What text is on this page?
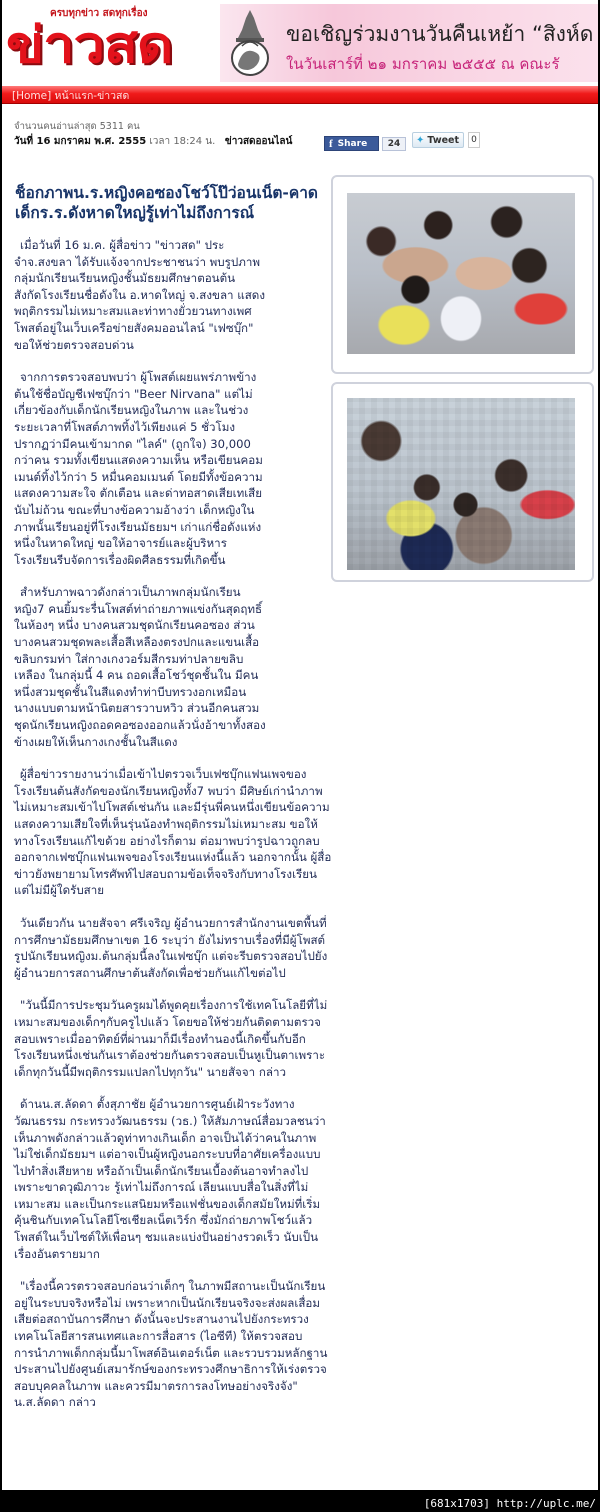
ครบทุกข่าว สดทุกเรื่อง
ข่าวสด	ขอเชิญร่วมงานวันคืนเหย้า “สิงห์ด
ในวันเสาร์ที่ ๒๑ มกราคม ๒๕๕๕ ณ คณะรั
[Home] หน้าแรก-ข่าวสด
จำนวนคนอ่านล่าสุด 5311 คน
วันที่ 16 มกราคม พ.ศ. 2555 เวลา 18:24 น. ข่าวสดออนไลน์	f Share	24	✦ Tweet	0
ช็อกภาพน.ร.หญิงคอซองโชว์โป๊ว่อนเน็ต-คาดเด็กร.ร.ดังหาดใหญ่รู้เท่าไม่ถึงการณ์

เมื่อวันที่ 16 ม.ค. ผู้สื่อข่าว "ข่าวสด" ประจำจ.สงขลา ได้รับแจ้งจากประชาชนว่า พบรูปภาพกลุ่มนักเรียนเรียนหญิงชั้นมัธยมศึกษาตอนต้น สังกัดโรงเรียนชื่อดังใน อ.หาดใหญ่ จ.สงขลา แสดงพฤติกรรมไม่เหมาะสมและท่าทางยั่วยวนทางเพศ โพสต์อยู่ในเว็บเครือข่ายสังคมออนไลน์ "เฟซบุ๊ก" ขอให้ช่วยตรวจสอบด่วน

จากการตรวจสอบพบว่า ผู้โพสต์เผยแพร่ภาพข้างต้นใช้ชื่อบัญชีเฟซบุ๊กว่า "Beer Nirvana" แต่ไม่เกี่ยวข้องกับเด็กนักเรียนหญิงในภาพ และในช่วงระยะเวลาที่โพสต์ภาพทิ้งไว้เพียงแค่ 5 ชั่วโมง ปรากฏว่ามีคนเข้ามากด "ไลค์" (ถูกใจ) 30,000 กว่าคน รวมทั้งเขียนแสดงความเห็น หรือเขียนคอมเมนต์ทิ้งไว้กว่า 5 หมื่นคอมเมนต์ โดยมีทั้งข้อความแสดงความสะใจ ตักเตือน และด่าทอสาดเสียเทเสียนับไม่ถ้วน ขณะที่บางข้อความอ้างว่า เด็กหญิงในภาพนั้นเรียนอยู่ที่โรงเรียนมัธยมฯ เก่าแก่ชื่อดังแห่งหนึ่งในหาดใหญ่ ขอให้อาจารย์และผู้บริหารโรงเรียนรีบจัดการเรื่องผิดศีลธรรมที่เกิดขึ้น

สำหรับภาพฉาวดังกล่าวเป็นภาพกลุ่มนักเรียนหญิง7 คนยิ้มระรื่นโพสต์ท่าถ่ายภาพแข่งกันสุดฤทธิ์ในห้องๆ หนึ่ง บางคนสวมชุดนักเรียนคอซอง ส่วนบางคนสวมชุดพละเสื้อสีเหลืองตรงปกและแขนเสื้อขลิบกรมท่า ใส่กางเกงวอร์มสีกรมท่าปลายขลิบเหลือง ในกลุ่มนี้ 4 คน ถอดเสื้อโชว์ชุดชั้นใน มีคนหนึ่งสวมชุดชั้นในสีแดงทำท่าบีบทรวงอกเหมือนนางแบบตามหน้านิตยสารวาบหวิว ส่วนอีกคนสวมชุดนักเรียนหญิงถอดคอซองออกแล้วนั่งอ้าขาทั้งสองข้างเผยให้เห็นกางเกงชั้นในสีแดง

ผู้สื่อข่าวรายงานว่าเมื่อเข้าไปตรวจเว็บเฟซบุ๊กแฟนเพจของโรงเรียนต้นสังกัดของนักเรียนหญิงทั้ง7 พบว่า มีศิษย์เก่านำภาพไม่เหมาะสมเข้าไปโพสต์เช่นกัน และมีรุ่นพี่คนหนึ่งเขียนข้อความแสดงความเสียใจที่เห็นรุ่นน้องทำพฤติกรรมไม่เหมาะสม ขอให้ทางโรงเรียนแก้ไขด้วย อย่างไรก็ตาม ต่อมาพบว่ารูปฉาวถูกลบออกจากเฟซบุ๊กแฟนเพจของโรงเรียนแห่งนี้แล้ว นอกจากนั้น ผู้สื่อข่าวยังพยายามโทรศัพท์ไปสอบถามข้อเท็จจริงกับทางโรงเรียน แต่ไม่มีผู้ใดรับสาย

วันเดียวกัน นายสัจจา ศรีเจริญ ผู้อำนวยการสำนักงานเขตพื้นที่การศึกษามัธยมศึกษาเขต 16 ระบุว่า ยังไม่ทราบเรื่องที่มีผู้โพสต์รูปนักเรียนหญิงม.ต้นกลุ่มนี้ลงในเฟซบุ๊ก แต่จะรีบตรวจสอบไปยังผู้อำนวยการสถานศึกษาต้นสังกัดเพื่อช่วยกันแก้ไขต่อไป

"วันนี้มีการประชุมวันครูผมได้พูดคุยเรื่องการใช้เทคโนโลยีที่ไม่เหมาะสมของเด็กๆกับครูไปแล้ว โดยขอให้ช่วยกันติดตามตรวจสอบเพราะเมื่ออาทิตย์ที่ผ่านมาก็มีเรื่องทำนองนี้เกิดขึ้นกับอีกโรงเรียนหนึ่งเช่นกันเราต้องช่วยกันตรวจสอบเป็นหูเป็นตาเพราะเด็กทุกวันนี้มีพฤติกรรมแปลกไปทุกวัน" นายสัจจา กล่าว

ด้านน.ส.ลัดดา ตั้งสุภาชัย ผู้อำนวยการศูนย์เฝ้าระวังทางวัฒนธรรม กระทรวงวัฒนธรรม (วธ.) ให้สัมภาษณ์สื่อมวลชนว่า เห็นภาพดังกล่าวแล้วดูท่าทางเกินเด็ก อาจเป็นได้ว่าคนในภาพไม่ใช่เด็กมัธยมฯ แต่อาจเป็นผู้หญิงนอกระบบที่อาศัยเครื่องแบบไปทำสิ่งเสียหาย หรือถ้าเป็นเด็กนักเรียนเบื้องต้นอาจทำลงไปเพราะขาดวุฒิภาวะ รู้เท่าไม่ถึงการณ์ เลียนแบบสื่อในสิ่งที่ไม่เหมาะสม และเป็นกระแสนิยมหรือแฟชั่นของเด็กสมัยใหม่ที่เริ่มคุ้นชินกับเทคโนโลยีโซเชียลเน็ตเวิร์ก ซึ่งมักถ่ายภาพโชว์แล้วโพสต์ในเว็บไซต์ให้เพื่อนๆ ชมและแบ่งปันอย่างรวดเร็ว นับเป็นเรื่องอันตรายมาก

"เรื่องนี้ควรตรวจสอบก่อนว่าเด็กๆ ในภาพมีสถานะเป็นนักเรียนอยู่ในระบบจริงหรือไม่ เพราะหากเป็นนักเรียนจริงจะส่งผลเสื่อมเสียต่อสถาบันการศึกษา ดังนั้นจะประสานงานไปยังกระทรวงเทคโนโลยีสารสนเทศและการสื่อสาร (ไอซีที) ให้ตรวจสอบการนำภาพเด็กกลุ่มนี้มาโพสต์อินเตอร์เน็ต และรวบรวมหลักฐานประสานไปยังศูนย์เสมารักษ์ของกระทรวงศึกษาธิการให้เร่งตรวจสอบบุคคลในภาพ และควรมีมาตรการลงโทษอย่างจริงจัง" น.ส.ลัดดา กล่าว

[681x1703] http://uplc.me/
